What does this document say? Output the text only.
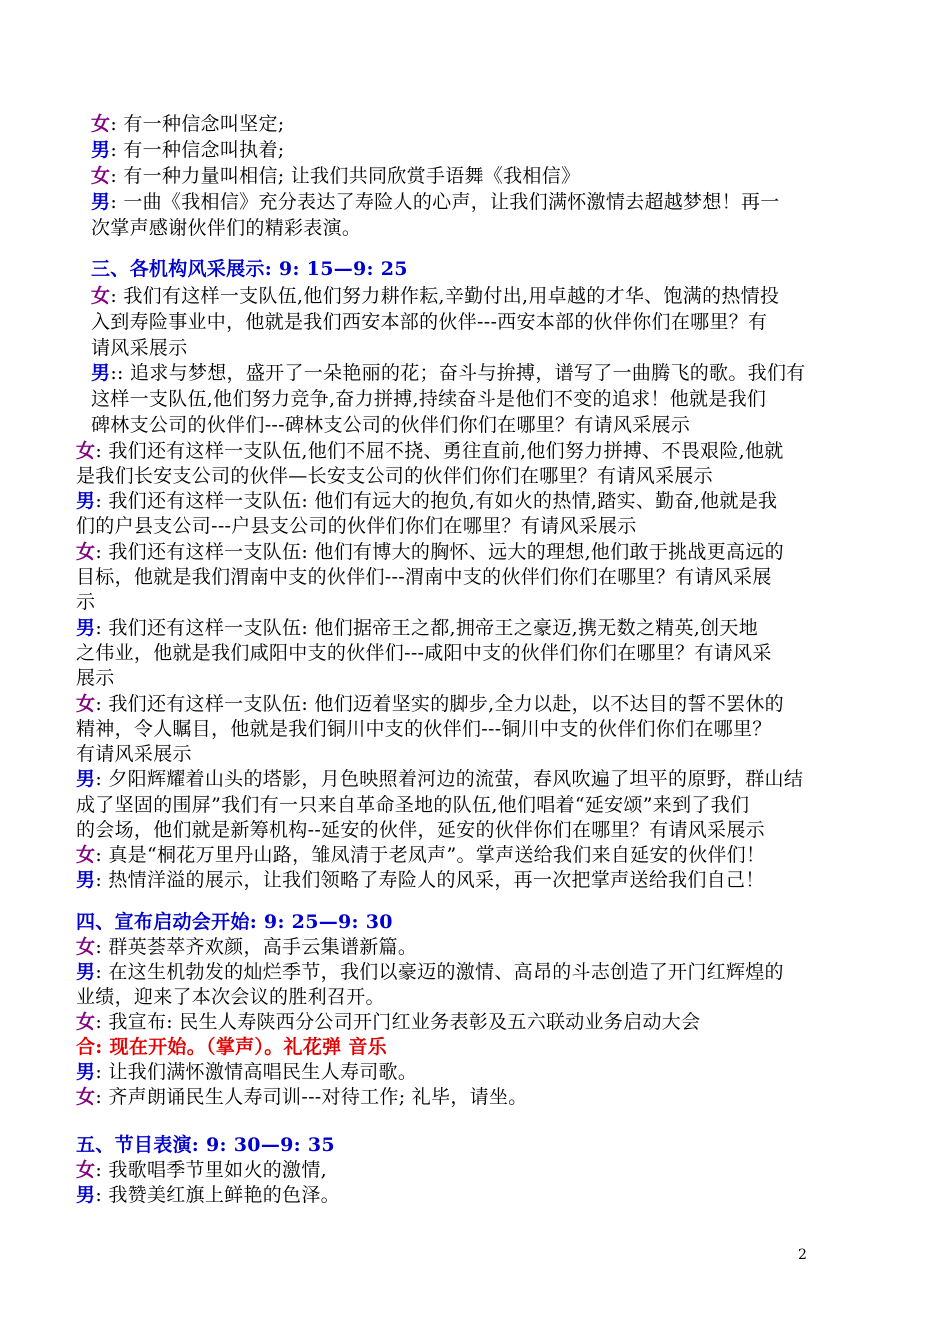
女: 有一种信念叫坚定;
男: 有一种信念叫执着;
女: 有一种力量叫相信; 让我们共同欣赏手语舞《我相信》
男: 一曲《我相信》充分表达了寿险人的心声，让我们满怀激情去超越梦想！再一
次掌声感谢伙伴们的精彩表演。
三、各机构风采展示: 9: 15—9: 25
女: 我们有这样一支队伍,他们努力耕作耘,辛勤付出,用卓越的才华、饱满的热情投
入到寿险事业中，他就是我们西安本部的伙伴---西安本部的伙伴你们在哪里？有
请风采展示
男:: 追求与梦想，盛开了一朵艳丽的花；奋斗与拚搏，谱写了一曲腾飞的歌。我们有
这样一支队伍,他们努力竞争,奋力拼搏,持续奋斗是他们不变的追求！他就是我们
碑林支公司的伙伴们---碑林支公司的伙伴们你们在哪里？有请风采展示
女: 我们还有这样一支队伍,他们不屈不挠、勇往直前,他们努力拼搏、不畏艰险,他就
是我们长安支公司的伙伴—长安支公司的伙伴们你们在哪里？有请风采展示
男: 我们还有这样一支队伍: 他们有远大的抱负,有如火的热情,踏实、勤奋,他就是我
们的户县支公司---户县支公司的伙伴们你们在哪里？有请风采展示
女: 我们还有这样一支队伍: 他们有博大的胸怀、远大的理想,他们敢于挑战更高远的
目标，他就是我们渭南中支的伙伴们---渭南中支的伙伴们你们在哪里？有请风采展
示
男: 我们还有这样一支队伍: 他们据帝王之都,拥帝王之豪迈,携无数之精英,创天地
之伟业，他就是我们咸阳中支的伙伴们---咸阳中支的伙伴们你们在哪里？有请风采
展示
女: 我们还有这样一支队伍: 他们迈着坚实的脚步,全力以赴，以不达目的誓不罢休的
精神，令人瞩目，他就是我们铜川中支的伙伴们---铜川中支的伙伴们你们在哪里？
有请风采展示
男: 夕阳辉耀着山头的塔影，月色映照着河边的流萤，春风吹遍了坦平的原野，群山结
成了坚固的围屏”我们有一只来自革命圣地的队伍,他们唱着“延安颂”来到了我们
的会场，他们就是新筹机构--延安的伙伴，延安的伙伴你们在哪里？有请风采展示
女: 真是“桐花万里丹山路，雏凤清于老凤声”。掌声送给我们来自延安的伙伴们！
男: 热情洋溢的展示，让我们领略了寿险人的风采，再一次把掌声送给我们自己！
四、宣布启动会开始: 9: 25—9: 30
女: 群英荟萃齐欢颜，高手云集谱新篇。
男: 在这生机勃发的灿烂季节，我们以豪迈的激情、高昂的斗志创造了开门红辉煌的
业绩，迎来了本次会议的胜利召开。
女: 我宣布: 民生人寿陕西分公司开门红业务表彰及五六联动业务启动大会
合: 现在开始。（掌声）。礼花弹 音乐
男: 让我们满怀激情高唱民生人寿司歌。
女: 齐声朗诵民生人寿司训---对待工作; 礼毕，请坐。
五、节目表演: 9: 30—9: 35
女: 我歌唱季节里如火的激情,
男: 我赞美红旗上鲜艳的色泽。
2
